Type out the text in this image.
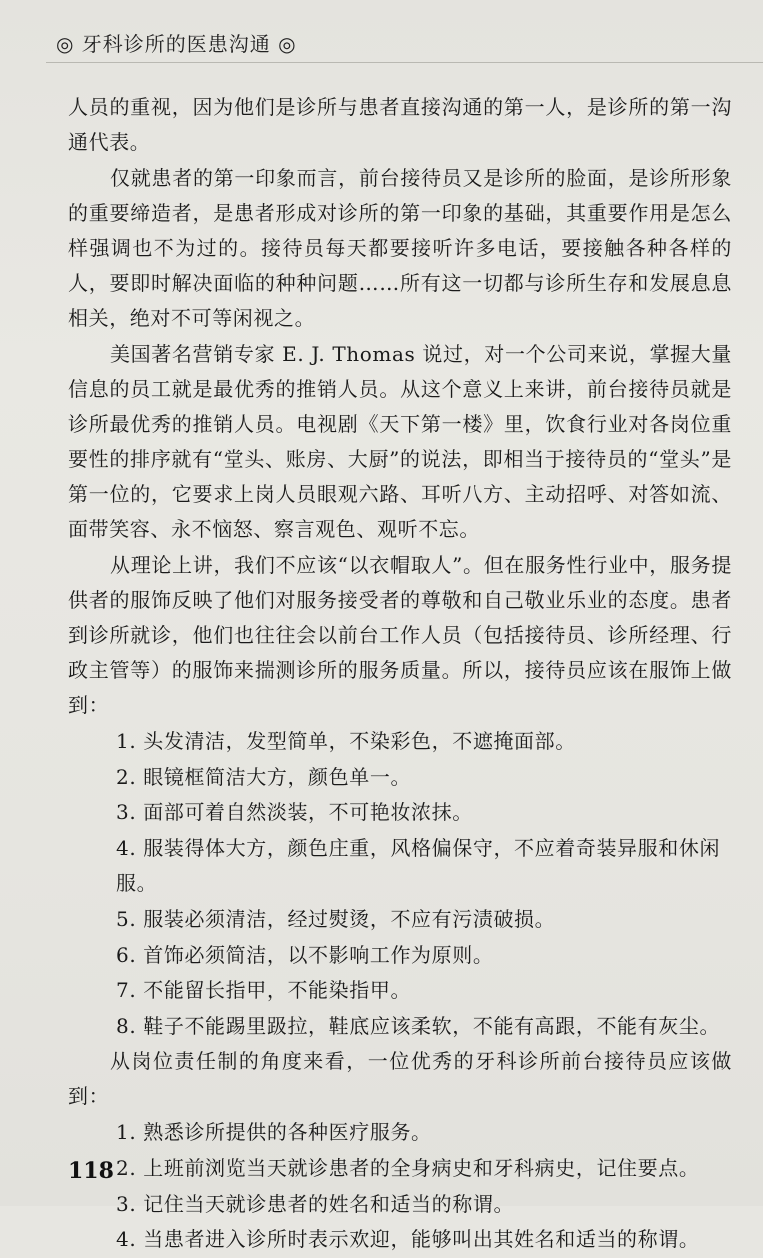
◎ 牙科诊所的医患沟通 ◎

人员的重视，因为他们是诊所与患者直接沟通的第一人，是诊所的第一沟通代表。

仅就患者的第一印象而言，前台接待员又是诊所的脸面，是诊所形象的重要缔造者，是患者形成对诊所的第一印象的基础，其重要作用是怎么样强调也不为过的。接待员每天都要接听许多电话，要接触各种各样的人，要即时解决面临的种种问题……所有这一切都与诊所生存和发展息息相关，绝对不可等闲视之。

美国著名营销专家 E. J. Thomas 说过，对一个公司来说，掌握大量信息的员工就是最优秀的推销人员。从这个意义上来讲，前台接待员就是诊所最优秀的推销人员。电视剧《天下第一楼》里，饮食行业对各岗位重要性的排序就有“堂头、账房、大厨”的说法，即相当于接待员的“堂头”是第一位的，它要求上岗人员眼观六路、耳听八方、主动招呼、对答如流、面带笑容、永不恼怒、察言观色、观听不忘。

从理论上讲，我们不应该“以衣帽取人”。但在服务性行业中，服务提供者的服饰反映了他们对服务接受者的尊敬和自己敬业乐业的态度。患者到诊所就诊，他们也往往会以前台工作人员（包括接待员、诊所经理、行政主管等）的服饰来揣测诊所的服务质量。所以，接待员应该在服饰上做到：

1. 头发清洁，发型简单，不染彩色，不遮掩面部。

2. 眼镜框简洁大方，颜色单一。

3. 面部可着自然淡装，不可艳妆浓抹。

4. 服装得体大方，颜色庄重，风格偏保守，不应着奇装异服和休闲服。

5. 服装必须清洁，经过熨烫，不应有污渍破损。

6. 首饰必须简洁，以不影响工作为原则。

7. 不能留长指甲，不能染指甲。

8. 鞋子不能踢里趿拉，鞋底应该柔软，不能有高跟，不能有灰尘。

从岗位责任制的角度来看，一位优秀的牙科诊所前台接待员应该做到：

1. 熟悉诊所提供的各种医疗服务。

2. 上班前浏览当天就诊患者的全身病史和牙科病史，记住要点。

3. 记住当天就诊患者的姓名和适当的称谓。

4. 当患者进入诊所时表示欢迎，能够叫出其姓名和适当的称谓。

118
